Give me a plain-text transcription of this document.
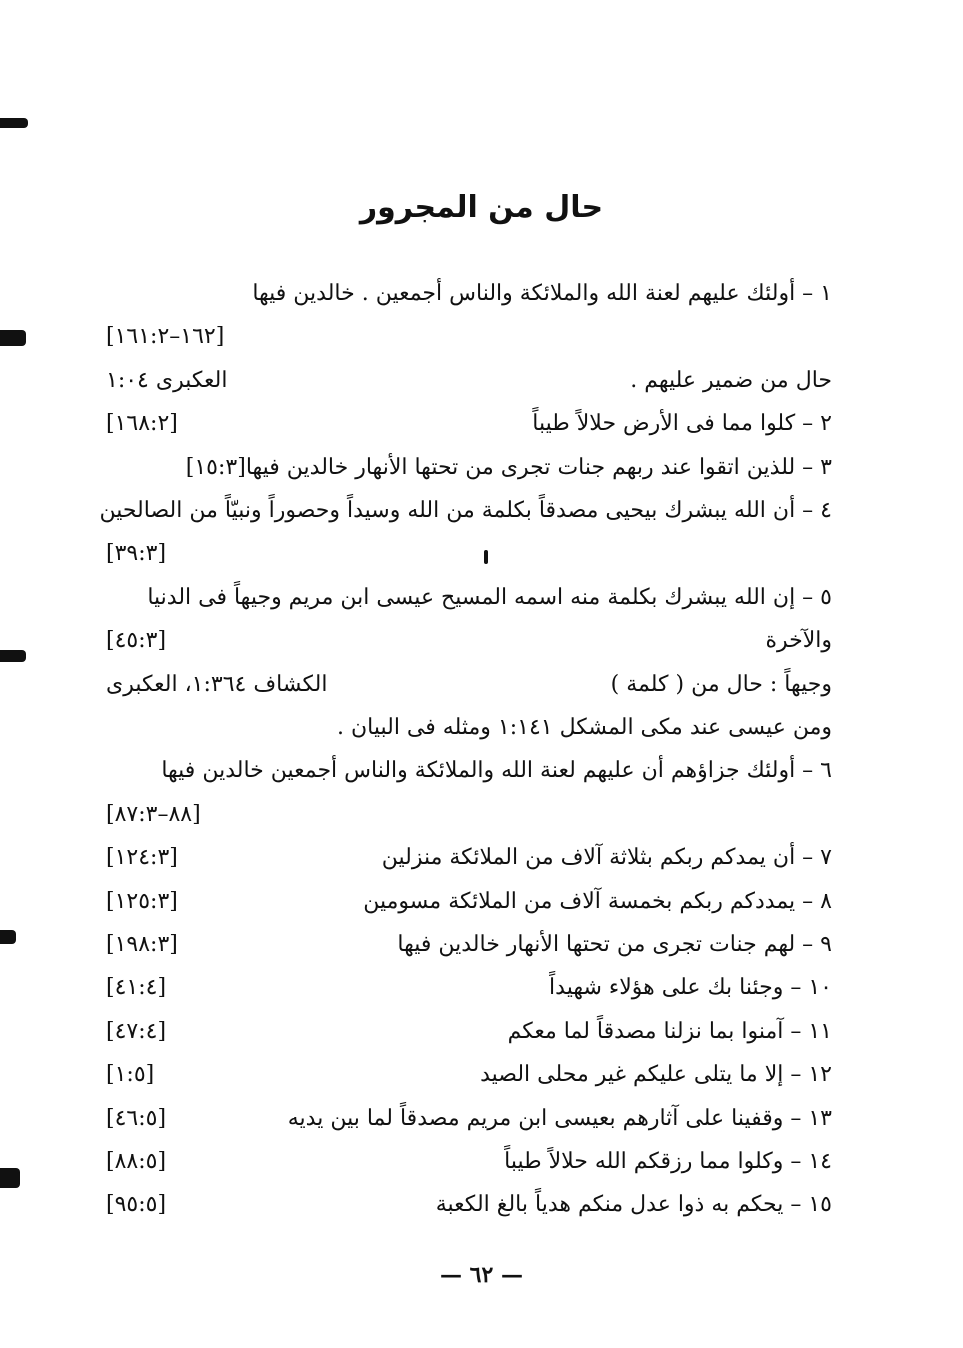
حال من المجرور
١ – أولئك عليهم لعنة الله والملائكة والناس أجمعين . خالدين فيها
[١٦٢–١٦١:٢]
حال من ضمير عليهم .
العكبرى ١:٠٤
٢ – كلوا مما فى الأرض حلالاً طيباً
[١٦٨:٢]
٣ – للذين اتقوا عند ربهم جنات تجرى من تحتها الأنهار خالدين فيها[١٥:٣]
٤ – أن الله يبشرك بيحيى مصدقاً بكلمة من الله وسيداً وحصوراً ونبيّاً من الصالحين
[٣٩:٣]
٥ – إن الله يبشرك بكلمة منه اسمه المسيح عيسى ابن مريم وجيهاً فى الدنيا
والآخرة
[٤٥:٣]
وجيهاً : حال من ( كلمة )
الكشاف ١:٣٦٤، العكبرى
ومن عيسى عند مكى المشكل ١:١٤١ ومثله فى البيان .
٦ – أولئك جزاؤهم أن عليهم لعنة الله والملائكة والناس أجمعين خالدين فيها
[٨٨–٨٧:٣]
٧ – أن يمدكم ربكم بثلاثة آلاف من الملائكة منزلين
[١٢٤:٣]
٨ – يمددكم ربكم بخمسة آلاف من الملائكة مسومين
[١٢٥:٣]
٩ – لهم جنات تجرى من تحتها الأنهار خالدين فيها
[١٩٨:٣]
١٠ – وجئنا بك على هؤلاء شهيداً
[٤١:٤]
١١ – آمنوا بما نزلنا مصدقاً لما معكم
[٤٧:٤]
١٢ – إلا ما يتلى عليكم غير محلى الصيد
[١:٥]
١٣ – وقفينا على آثارهم بعيسى ابن مريم مصدقاً لما بين يديه
[٤٦:٥]
١٤ – وكلوا مما رزقكم الله حلالاً طيباً
[٨٨:٥]
١٥ – يحكم به ذوا عدل منكم هدياً بالغ الكعبة
[٩٥:٥]
— ٦٢ —
